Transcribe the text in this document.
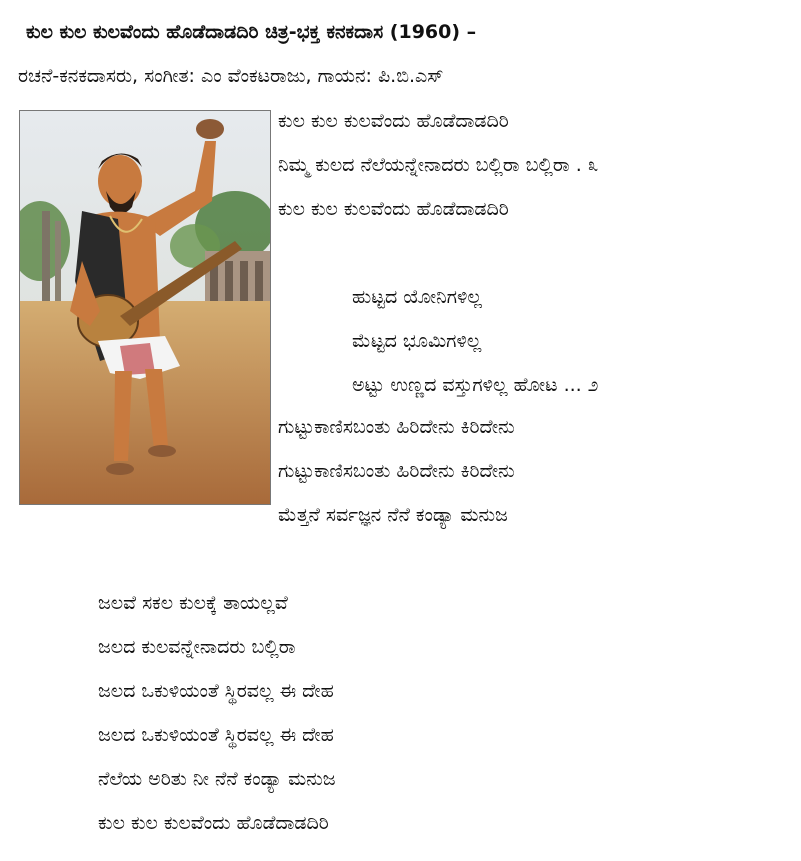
ಕುಲ ಕುಲ ಕುಲವೆಂದು ಹೊಡೆದಾಡದಿರಿ ಚಿತ್ರ-ಭಕ್ತ ಕನಕದಾಸ (1960) –
ರಚನೆ-ಕನಕದಾಸರು, ಸಂಗೀತ: ಎಂ ವೆಂಕಟರಾಜು, ಗಾಯನ: ಪಿ.ಬಿ.ಎಸ್
ಕುಲ ಕುಲ ಕುಲವೆಂದು ಹೊಡೆದಾಡದಿರಿ
ನಿಮ್ಮ ಕುಲದ ನೆಲೆಯನ್ನೇನಾದರು ಬಲ್ಲಿರಾ ಬಲ್ಲಿರಾ . ೩
ಕುಲ ಕುಲ ಕುಲವೆಂದು ಹೊಡೆದಾಡದಿರಿ
ಹುಟ್ಟದ ಯೋನಿಗಳಿಲ್ಲ
ಮೆಟ್ಟದ ಭೂಮಿಗಳಿಲ್ಲ
ಅಟ್ಟು ಉಣ್ಣದ ವಸ್ತುಗಳಿಲ್ಲ ಹೋಟ ... ೨
ಗುಟ್ಟುಕಾಣಿಸಬಂತು ಹಿರಿದೇನು ಕಿರಿದೇನು
ಗುಟ್ಟುಕಾಣಿಸಬಂತು ಹಿರಿದೇನು ಕಿರಿದೇನು
ಮೆತ್ತನೆ ಸರ್ವಜ್ಞನ ನೆನೆ ಕಂಡ್ಯಾ ಮನುಜ
ಜಲವೆ ಸಕಲ ಕುಲಕ್ಕೆ ತಾಯಲ್ಲವೆ
ಜಲದ ಕುಲವನ್ನೇನಾದರು ಬಲ್ಲಿರಾ
ಜಲದ ಒಕುಳಿಯಂತೆ ಸ್ಥಿರವಲ್ಲ ಈ ದೇಹ
ಜಲದ ಒಕುಳಿಯಂತೆ ಸ್ಥಿರವಲ್ಲ ಈ ದೇಹ
ನೆಲೆಯ ಅರಿತು ನೀ ನೆನೆ ಕಂಡ್ಯಾ ಮನುಜ
ಕುಲ ಕುಲ ಕುಲವೆಂದು ಹೊಡೆದಾಡದಿರಿ
